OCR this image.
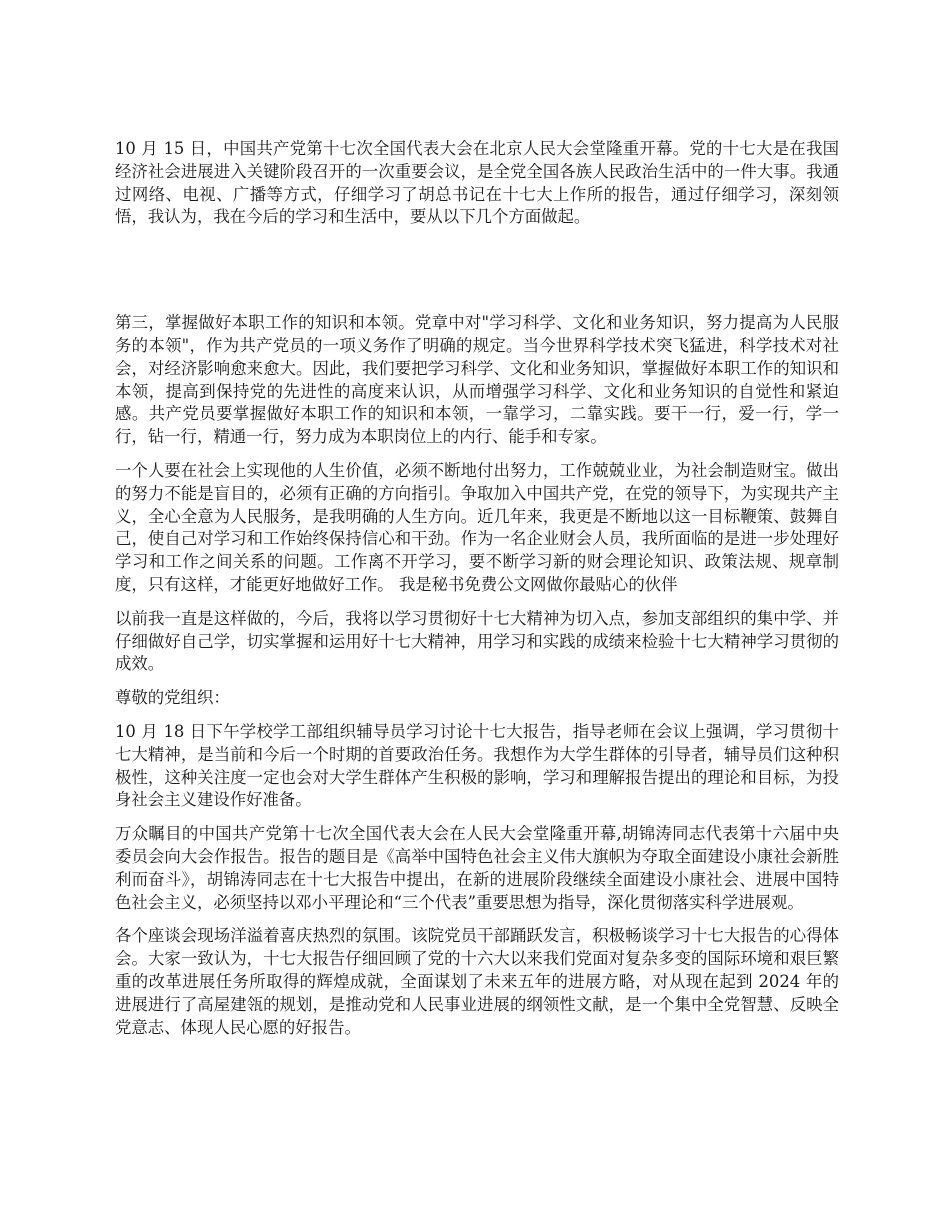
10 月 15 日，中国共产党第十七次全国代表大会在北京人民大会堂隆重开幕。党的十七大是在我国经济社会进展进入关键阶段召开的一次重要会议，是全党全国各族人民政治生活中的一件大事。我通过网络、电视、广播等方式，仔细学习了胡总书记在十七大上作所的报告，通过仔细学习，深刻领悟，我认为，我在今后的学习和生活中，要从以下几个方面做起。

第三，掌握做好本职工作的知识和本领。党章中对"学习科学、文化和业务知识，努力提高为人民服务的本领"，作为共产党员的一项义务作了明确的规定。当今世界科学技术突飞猛进，科学技术对社会，对经济影响愈来愈大。因此，我们要把学习科学、文化和业务知识，掌握做好本职工作的知识和本领，提高到保持党的先进性的高度来认识，从而增强学习科学、文化和业务知识的自觉性和紧迫感。共产党员要掌握做好本职工作的知识和本领，一靠学习，二靠实践。要干一行，爱一行，学一行，钻一行，精通一行，努力成为本职岗位上的内行、能手和专家。

一个人要在社会上实现他的人生价值，必须不断地付出努力，工作兢兢业业，为社会制造财宝。做出的努力不能是盲目的，必须有正确的方向指引。争取加入中国共产党，在党的领导下，为实现共产主义，全心全意为人民服务，是我明确的人生方向。近几年来，我更是不断地以这一目标鞭策、鼓舞自己，使自己对学习和工作始终保持信心和干劲。作为一名企业财会人员，我所面临的是进一步处理好学习和工作之间关系的问题。工作离不开学习，要不断学习新的财会理论知识、政策法规、规章制度，只有这样，才能更好地做好工作。 我是秘书免费公文网做你最贴心的伙伴

以前我一直是这样做的，今后，我将以学习贯彻好十七大精神为切入点，参加支部组织的集中学、并仔细做好自己学，切实掌握和运用好十七大精神，用学习和实践的成绩来检验十七大精神学习贯彻的成效。

尊敬的党组织：

10 月 18 日下午学校学工部组织辅导员学习讨论十七大报告，指导老师在会议上强调，学习贯彻十七大精神，是当前和今后一个时期的首要政治任务。我想作为大学生群体的引导者，辅导员们这种积极性，这种关注度一定也会对大学生群体产生积极的影响，学习和理解报告提出的理论和目标，为投身社会主义建设作好准备。

万众瞩目的中国共产党第十七次全国代表大会在人民大会堂隆重开幕,胡锦涛同志代表第十六届中央委员会向大会作报告。报告的题目是《高举中国特色社会主义伟大旗帜为夺取全面建设小康社会新胜利而奋斗》，胡锦涛同志在十七大报告中提出，在新的进展阶段继续全面建设小康社会、进展中国特色社会主义，必须坚持以邓小平理论和“三个代表”重要思想为指导，深化贯彻落实科学进展观。

各个座谈会现场洋溢着喜庆热烈的氛围。该院党员干部踊跃发言，积极畅谈学习十七大报告的心得体会。大家一致认为，十七大报告仔细回顾了党的十六大以来我们党面对复杂多变的国际环境和艰巨繁重的改革进展任务所取得的辉煌成就，全面谋划了未来五年的进展方略，对从现在起到 2024 年的进展进行了高屋建瓴的规划，是推动党和人民事业进展的纲领性文献，是一个集中全党智慧、反映全党意志、体现人民心愿的好报告。
